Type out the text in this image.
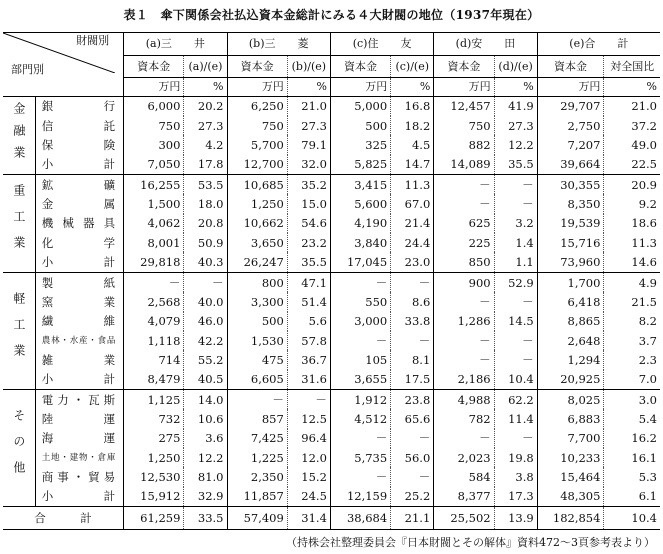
表１　傘下関係会社払込資本金総計にみる４大財閥の地位（1937年現在）
財閥別
部門別		(a)三　　井		(b)三　　菱		(c)住　　友		(d)安　　田		(e)合　　計	
		資本金	(a)/(e)	資本金	(b)/(e)	資本金	(c)/(e)	資本金	(d)/(e)	資本金	対全国比
		万円	%	万円	%	万円	%	万円	%	万円	%

金融業	銀行	6,000	20.2	6,250	21.0	5,000	16.8	12,457	41.9	29,707	21.0
	信託	750	27.3	750	27.3	500	18.2	750	27.3	2,750	37.2
	保険	300	4.2	5,700	79.1	325	4.5	882	12.2	7,207	49.0
	小計	7,050	17.8	12,700	32.0	5,825	14.7	14,089	35.5	39,664	22.5

重工業	鉱礦	16,255	53.5	10,685	35.2	3,415	11.3	－	－	30,355	20.9
	金属	1,500	18.0	1,250	15.0	5,600	67.0	－	－	8,350	9.2
	機械器具	4,062	20.8	10,662	54.6	4,190	21.4	625	3.2	19,539	18.6
	化学	8,001	50.9	3,650	23.2	3,840	24.4	225	1.4	15,716	11.3
	小計	29,818	40.3	26,247	35.5	17,045	23.0	850	1.1	73,960	14.6

軽工業	製紙	－	－	800	47.1	－	－	900	52.9	1,700	4.9
	窯業	2,568	40.0	3,300	51.4	550	8.6	－	－	6,418	21.5
	繊維	4,079	46.0	500	5.6	3,000	33.8	1,286	14.5	8,865	8.2
	農林・水産・食品	1,118	42.2	1,530	57.8	－	－	－	－	2,648	3.7
	雑業	714	55.2	475	36.7	105	8.1	－	－	1,294	2.3
	小計	8,479	40.5	6,605	31.6	3,655	17.5	2,186	10.4	20,925	7.0

その他	電力・瓦斯	1,125	14.0	－	－	1,912	23.8	4,988	62.2	8,025	3.0
	陸運	732	10.6	857	12.5	4,512	65.6	782	11.4	6,883	5.4
	海運	275	3.6	7,425	96.4	－	－	－	－	7,700	16.2
	土地・建物・倉庫	1,250	12.2	1,225	12.0	5,735	56.0	2,023	19.8	10,233	16.1
	商事・貿易	12,530	81.0	2,350	15.2	－	－	584	3.8	15,464	5.3
	小計	15,912	32.9	11,857	24.5	12,159	25.2	8,377	17.3	48,305	6.1
合　　　計		61,259	33.5	57,409	31.4	38,684	21.1	25,502	13.9	182,854	10.4
（持株会社整理委員会『日本財閥とその解体』資料472～3頁参考表より）
